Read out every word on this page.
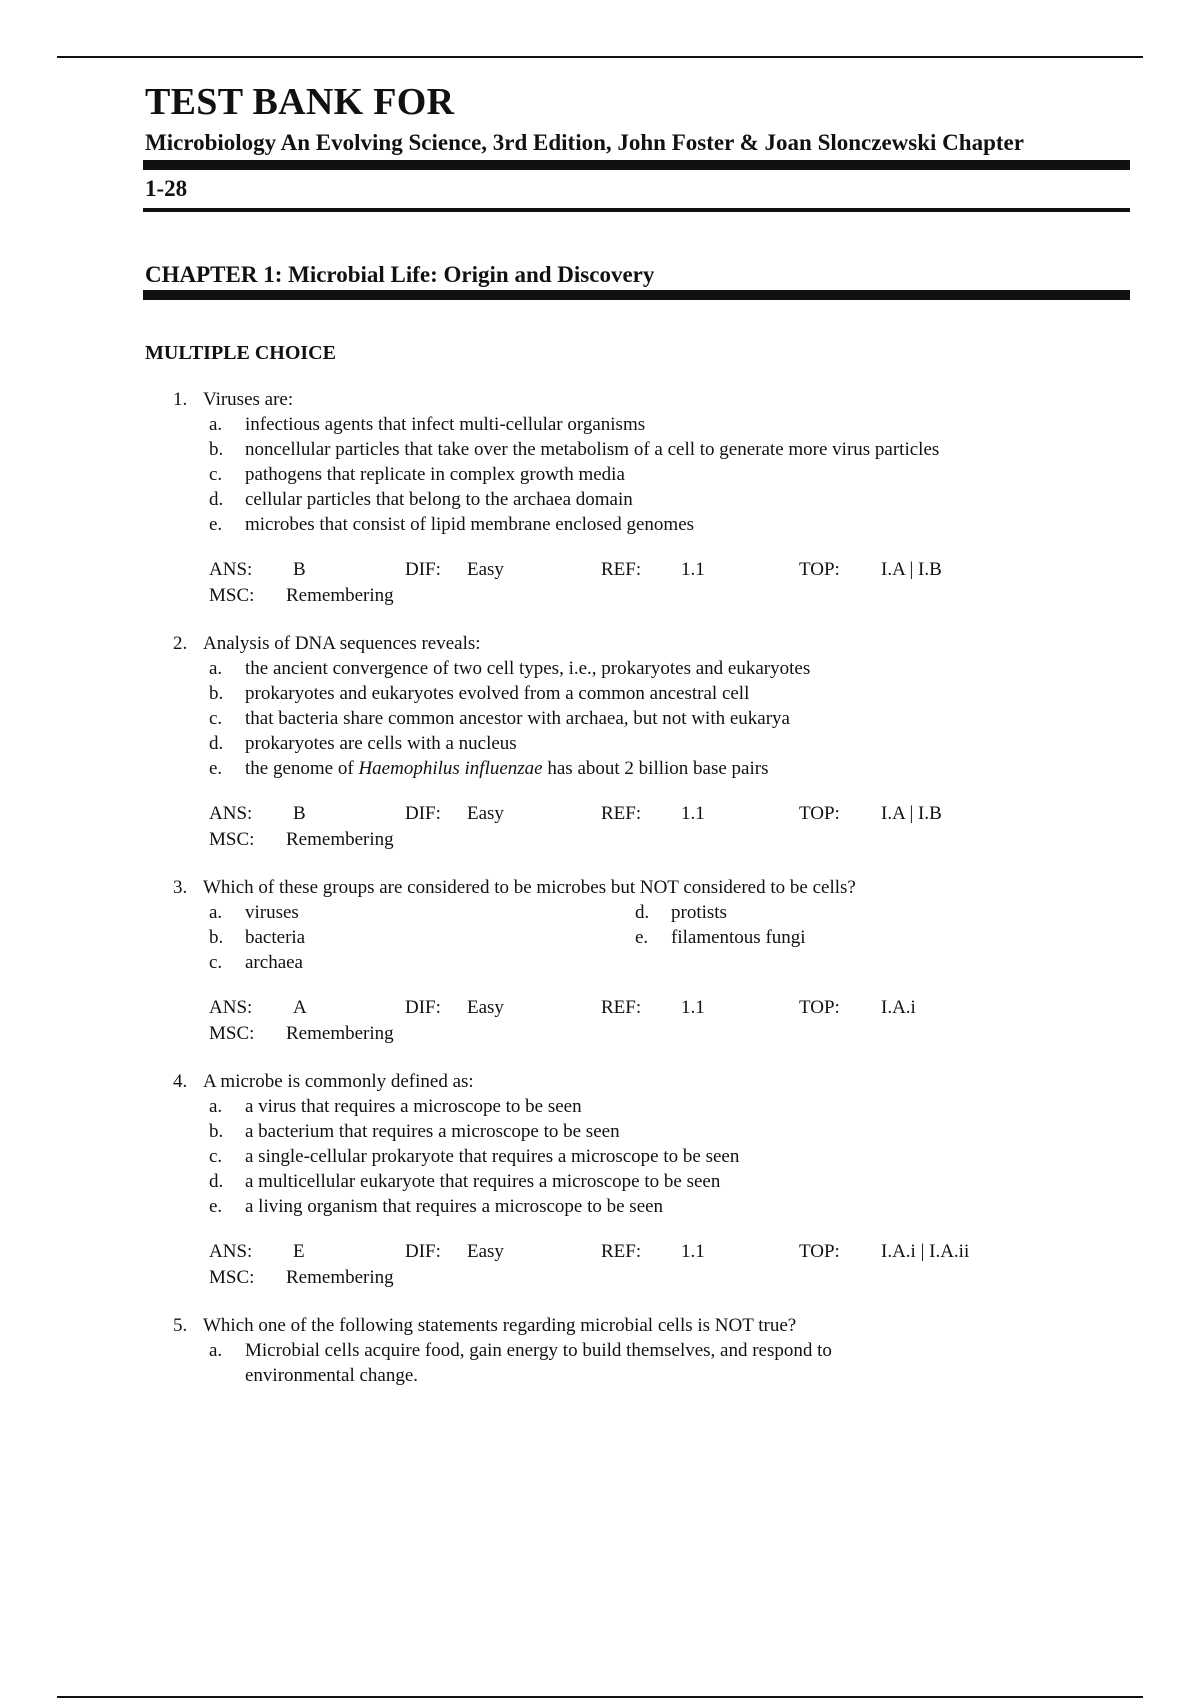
TEST BANK FOR
Microbiology An Evolving Science, 3rd Edition, John Foster & Joan Slonczewski Chapter
1-28
CHAPTER 1: Microbial Life: Origin and Discovery
MULTIPLE CHOICE
1. Viruses are:
a.	infectious agents that infect multi-cellular organisms
b.	noncellular particles that take over the metabolism of a cell to generate more virus particles
c.	pathogens that replicate in complex growth media
d.	cellular particles that belong to the archaea domain
e.	microbes that consist of lipid membrane enclosed genomes
ANS:	B	DIF:	Easy	REF:	1.1	TOP:	I.A | I.B
MSC:	Remembering
2. Analysis of DNA sequences reveals:
a.	the ancient convergence of two cell types, i.e., prokaryotes and eukaryotes
b.	prokaryotes and eukaryotes evolved from a common ancestral cell
c.	that bacteria share common ancestor with archaea, but not with eukarya
d.	prokaryotes are cells with a nucleus
e.	the genome of Haemophilus influenzae has about 2 billion base pairs
ANS:	B	DIF:	Easy	REF:	1.1	TOP:	I.A | I.B
MSC:	Remembering
3. Which of these groups are considered to be microbes but NOT considered to be cells?
a.	viruses
b.	bacteria
c.	archaea
d.	protists
e.	filamentous fungi
ANS:	A	DIF:	Easy	REF:	1.1	TOP:	I.A.i
MSC:	Remembering
4. A microbe is commonly defined as:
a.	a virus that requires a microscope to be seen
b.	a bacterium that requires a microscope to be seen
c.	a single-cellular prokaryote that requires a microscope to be seen
d.	a multicellular eukaryote that requires a microscope to be seen
e.	a living organism that requires a microscope to be seen
ANS:	E	DIF:	Easy	REF:	1.1	TOP:	I.A.i | I.A.ii
MSC:	Remembering
5. Which one of the following statements regarding microbial cells is NOT true?
a.	Microbial cells acquire food, gain energy to build themselves, and respond to environmental change.
